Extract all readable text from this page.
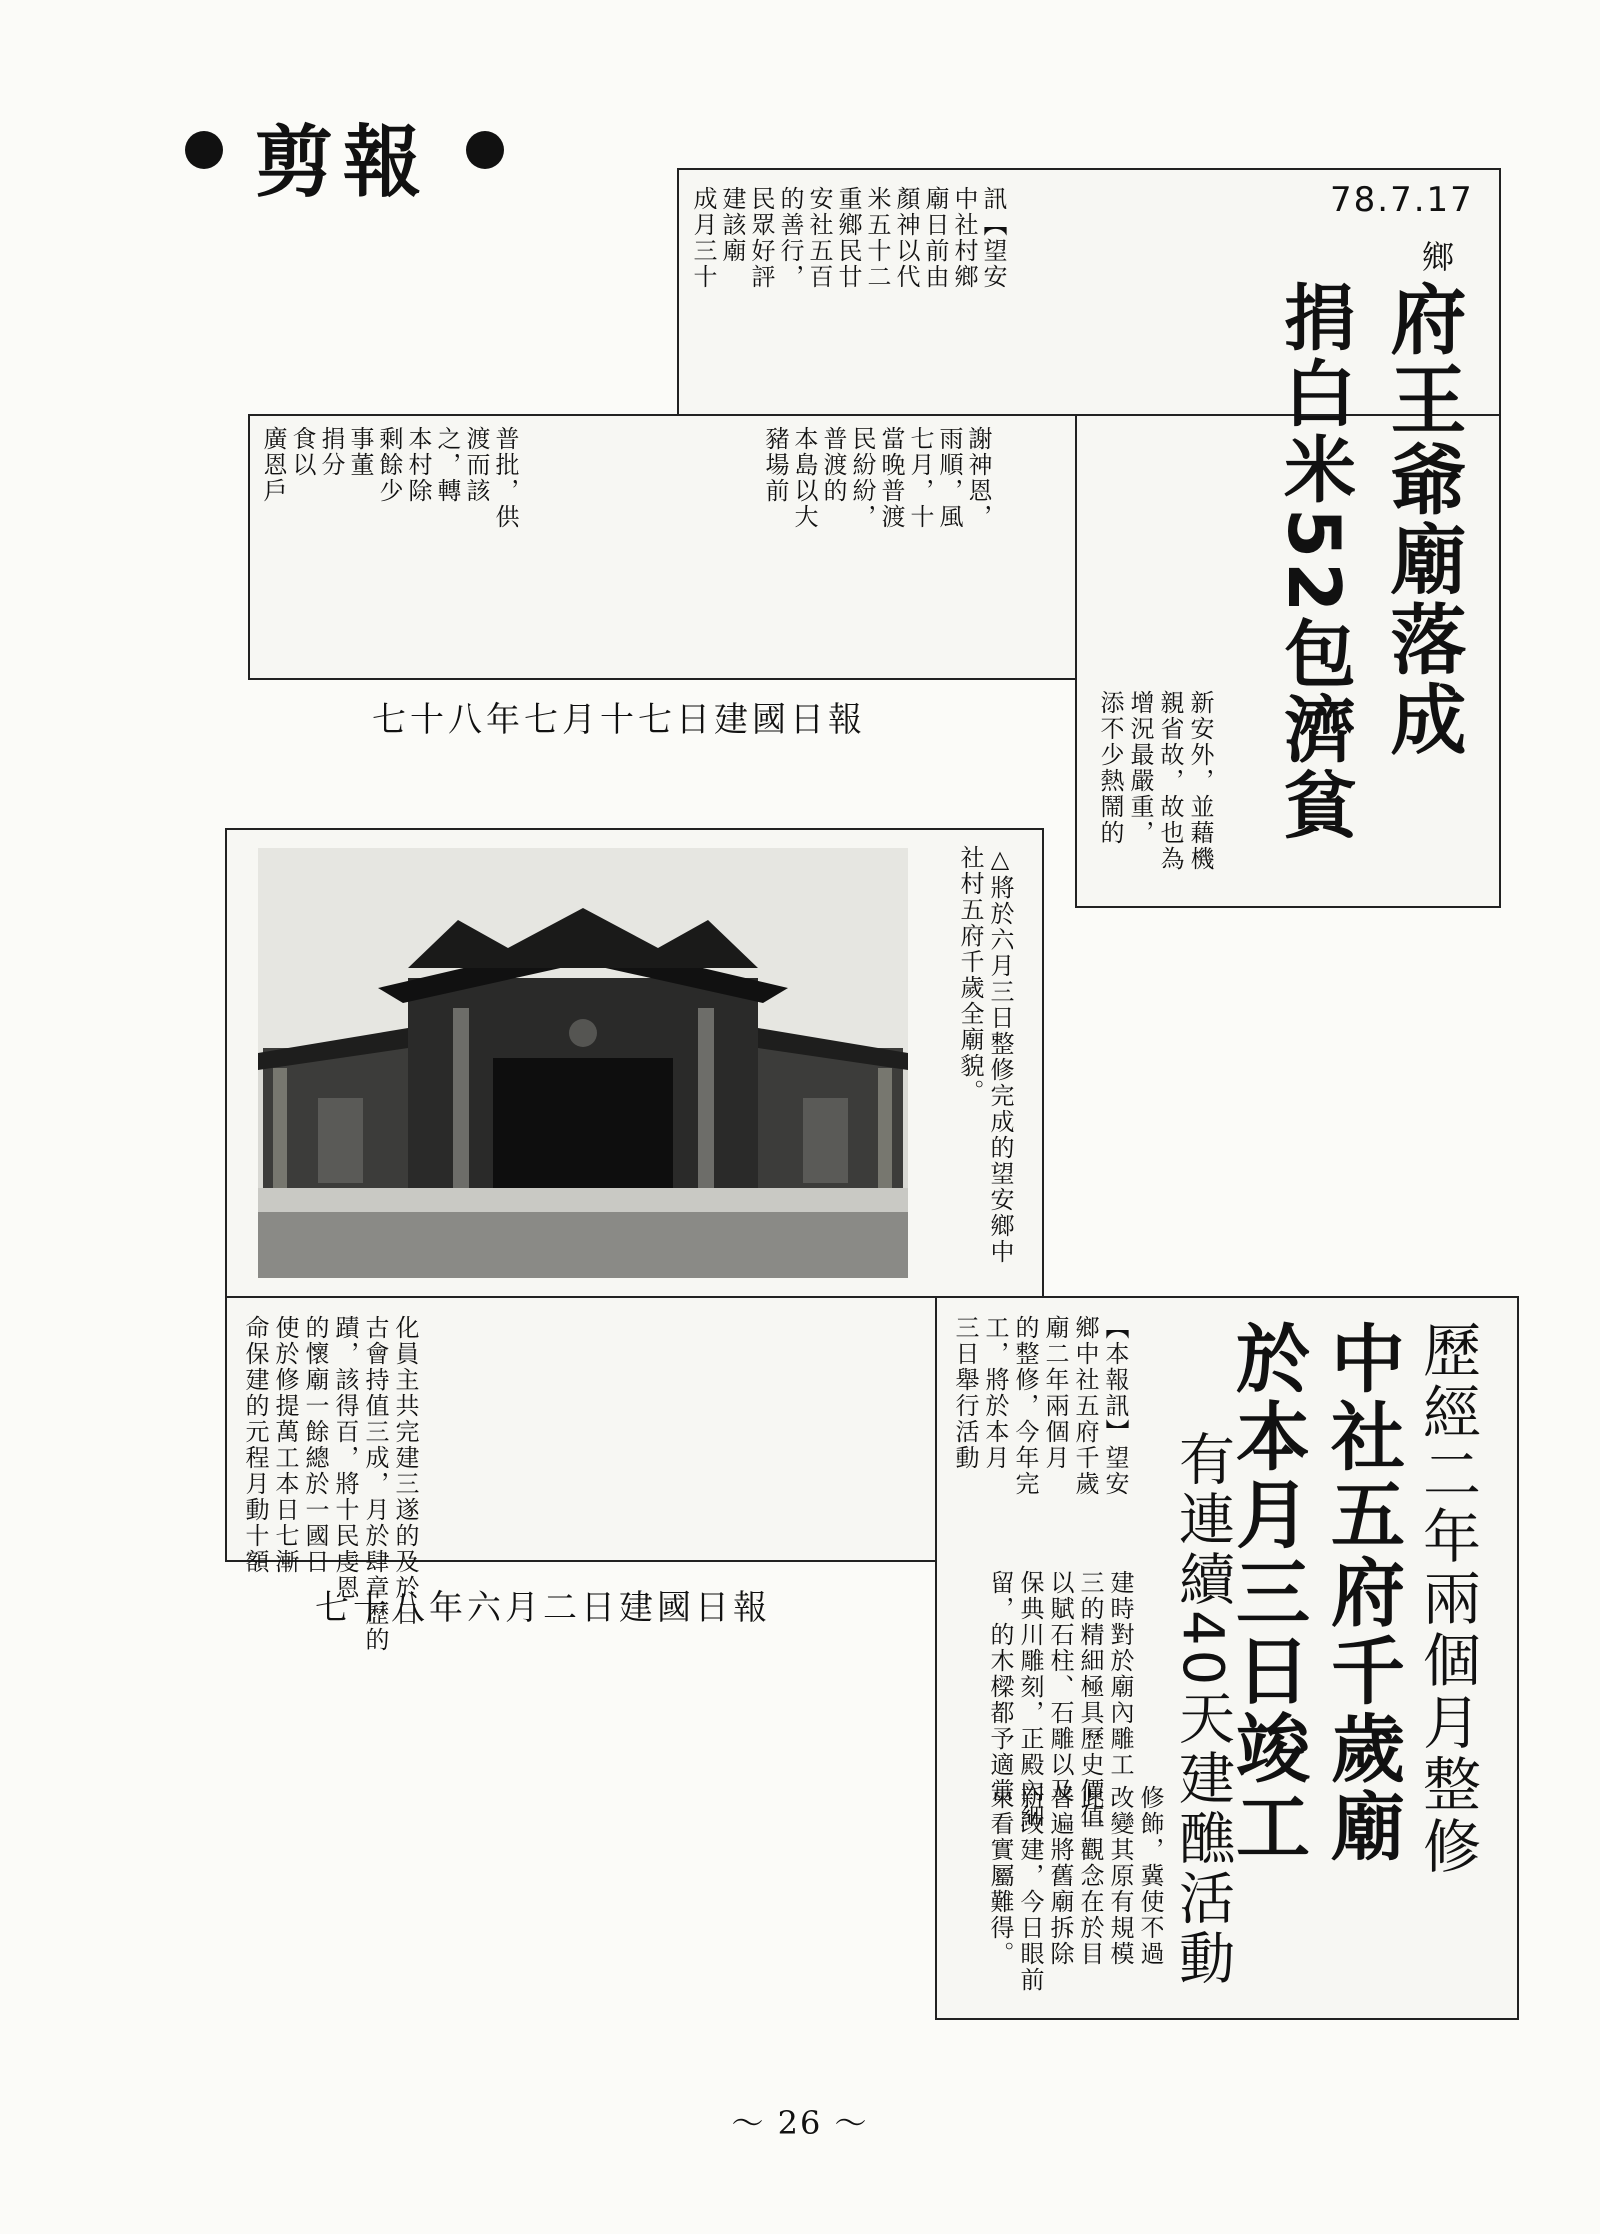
剪報	78.7.17
鄉
府王爺廟落成
捐白米52包濟貧
訊【望安
中社村鄉
廟日前由
顏神以代
米五十二
重鄉民廿
安社五百
的善行，
民眾好評
建該廟
成月三十
謝神恩，
雨順，風
七月，十
當晚普渡
民紛紛，
普渡的
本島以大
豬場前
普批，供
渡而該
之，轉
本村除
剩餘少
事董
捐分
食以
廣恩戶
新安外，並藉機
親省故，故也為
增況最嚴重，
添不少熱鬧的
七十八年七月十七日建國日報
△將於六月三日整修完成的望安鄉中社村五府千歲全廟貌。
歷經二年兩個月整修
中社五府千歲廟
於本月三日竣工
有連續40天建醮活動
【本報訊】望安
鄉中社五府千歲
廟二年兩個月
的整修，今年完
工，將於本月
三日舉行活動
化員主共完建三遂的及於日
古會持值三成，月於肆章歷的
蹟，該得百，將十民虔恩
的懷廟一餘總於一國日
使於修提萬工本日七漸
命保建的元程月動十額
建時對於廟內雕工
三的精細極具歷史價值
以賦石柱、石雕以及
保典川雕刻，正殿內細
留，的木樑都予適當
修飾，冀使不過
改變其原有規模
此一觀念在於目
普遍將舊廟拆除
新改建，今日眼前
來看實屬難得。
七十八年六月二日建國日報
～ 26 ～
